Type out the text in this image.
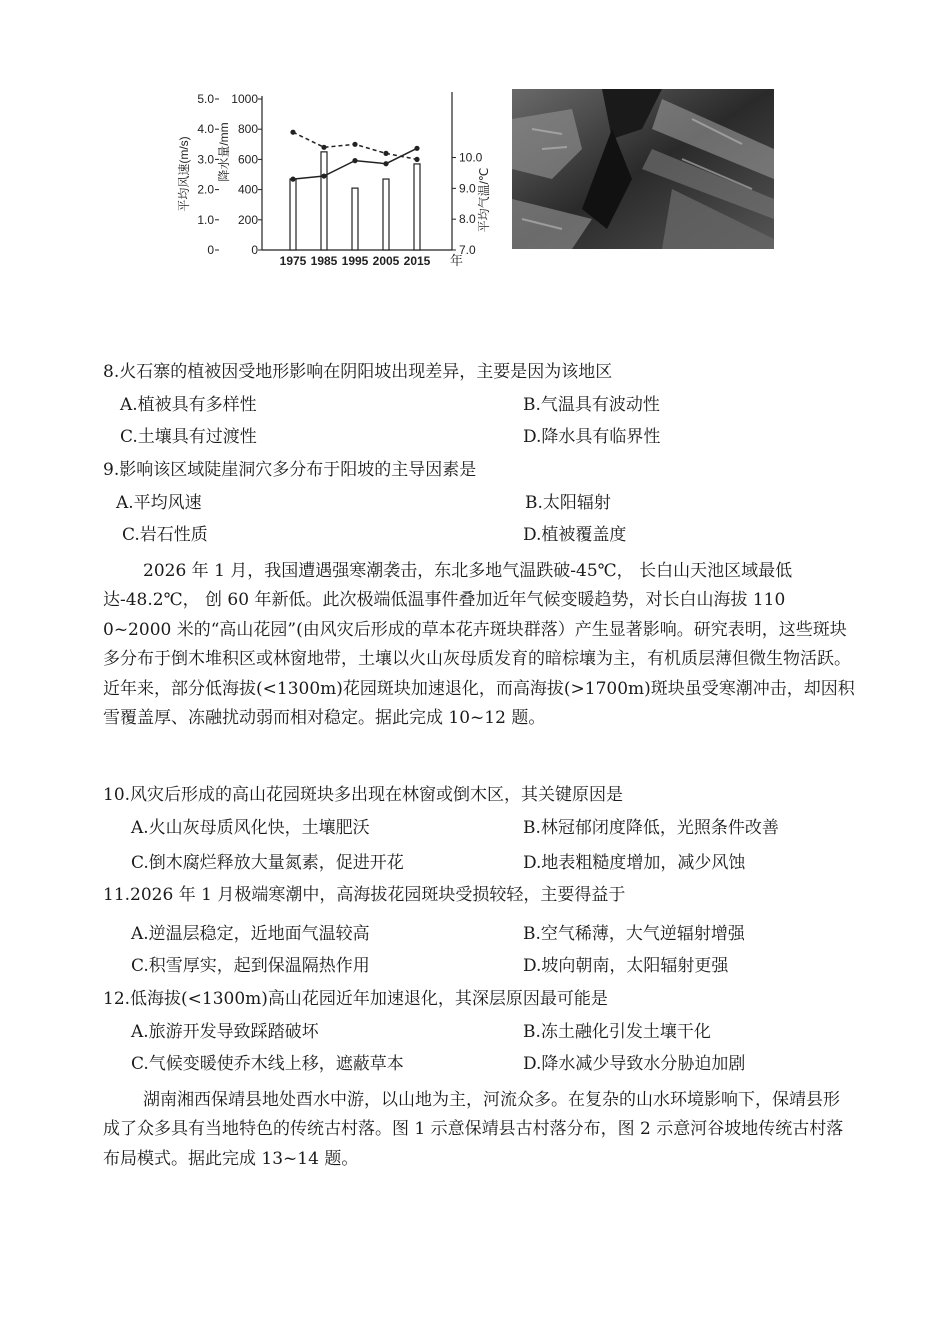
平均风速(m/s)
0
1.0
2.0
3.0
4.0
5.0
降水量/mm
0
200
400
600
800
1000
7.0
8.0
9.0
10.0
平均气温/℃
1975 1985 1995 2005 2015 年
8.火石寨的植被因受地形影响在阴阳坡出现差异，主要是因为该地区
A.植被具有多样性	B.气温具有波动性
C.土壤具有过渡性	D.降水具有临界性
9.影响该区域陡崖洞穴多分布于阳坡的主导因素是
A.平均风速	B.太阳辐射
C.岩石性质	D.植被覆盖度
2026 年 1 月，我国遭遇强寒潮袭击，东北多地气温跌破-45℃， 长白山天池区域最低达-48.2℃， 创 60 年新低。此次极端低温事件叠加近年气候变暖趋势，对长白山海拔 110 0~2000 米的“高山花园”(由风灾后形成的草本花卉斑块群落）产生显著影响。研究表明，这些斑块多分布于倒木堆积区或林窗地带，土壤以火山灰母质发育的暗棕壤为主，有机质层薄但微生物活跃。近年来，部分低海拔(<1300m)花园斑块加速退化，而高海拔(>1700m)斑块虽受寒潮冲击，却因积雪覆盖厚、冻融扰动弱而相对稳定。据此完成 10~12 题。
10.风灾后形成的高山花园斑块多出现在林窗或倒木区，其关键原因是
A.火山灰母质风化快，土壤肥沃	B.林冠郁闭度降低，光照条件改善
C.倒木腐烂释放大量氮素，促进开花	D.地表粗糙度增加，减少风蚀
11.2026 年 1 月极端寒潮中，高海拔花园斑块受损较轻，主要得益于
A.逆温层稳定，近地面气温较高	B.空气稀薄，大气逆辐射增强
C.积雪厚实，起到保温隔热作用	D.坡向朝南，太阳辐射更强
12.低海拔(<1300m)高山花园近年加速退化，其深层原因最可能是
A.旅游开发导致踩踏破坏	B.冻土融化引发土壤干化
C.气候变暖使乔木线上移，遮蔽草本	D.降水减少导致水分胁迫加剧
湖南湘西保靖县地处酉水中游，以山地为主，河流众多。在复杂的山水环境影响下，保靖县形成了众多具有当地特色的传统古村落。图 1 示意保靖县古村落分布，图 2 示意河谷坡地传统古村落布局模式。据此完成 13~14 题。
